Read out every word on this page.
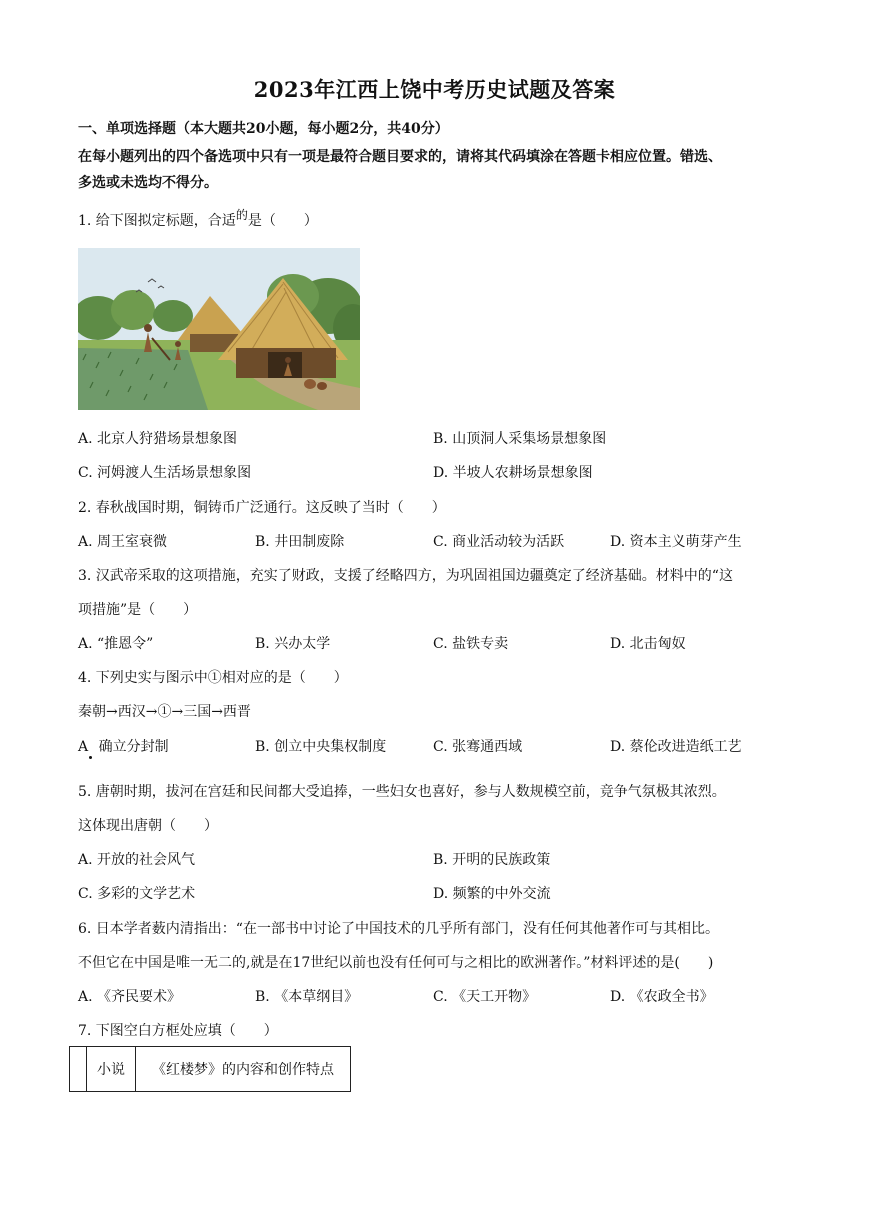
2023年江西上饶中考历史试题及答案
一、单项选择题（本大题共20小题，每小题2分，共40分）
在每小题列出的四个备选项中只有一项是最符合题目要求的，请将其代码填涂在答题卡相应位置。错选、
多选或未选均不得分。
1. 给下图拟定标题，合适的是（　　）
A. 北京人狩猎场景想象图	B. 山顶洞人采集场景想象图
C. 河姆渡人生活场景想象图	D. 半坡人农耕场景想象图
2. 春秋战国时期，铜铸币广泛通行。这反映了当时（　　）
A. 周王室衰微	B. 井田制废除	C. 商业活动较为活跃	D. 资本主义萌芽产生
3. 汉武帝采取的这项措施，充实了财政，支援了经略四方，为巩固祖国边疆奠定了经济基础。材料中的“这
项措施”是（　　）
A. “推恩令”	B. 兴办太学	C. 盐铁专卖	D. 北击匈奴
4. 下列史实与图示中①相对应的是（　　）
秦朝→西汉→①→三国→西晋
A 确立分封制	B. 创立中央集权制度	C. 张骞通西域	D. 蔡伦改进造纸工艺
5. 唐朝时期，拔河在宫廷和民间都大受追捧，一些妇女也喜好，参与人数规模空前，竞争气氛极其浓烈。
这体现出唐朝（　　）
A. 开放的社会风气	B. 开明的民族政策
C. 多彩的文学艺术	D. 频繁的中外交流
6. 日本学者薮内清指出：“在一部书中讨论了中国技术的几乎所有部门，没有任何其他著作可与其相比。
不但它在中国是唯一无二的,就是在17世纪以前也没有任何可与之相比的欧洲著作。”材料评述的是(　　)
A. 《齐民要术》	B. 《本草纲目》	C. 《天工开物》	D. 《农政全书》
7. 下图空白方框处应填（　　）
	小说	《红楼梦》的内容和创作特点
